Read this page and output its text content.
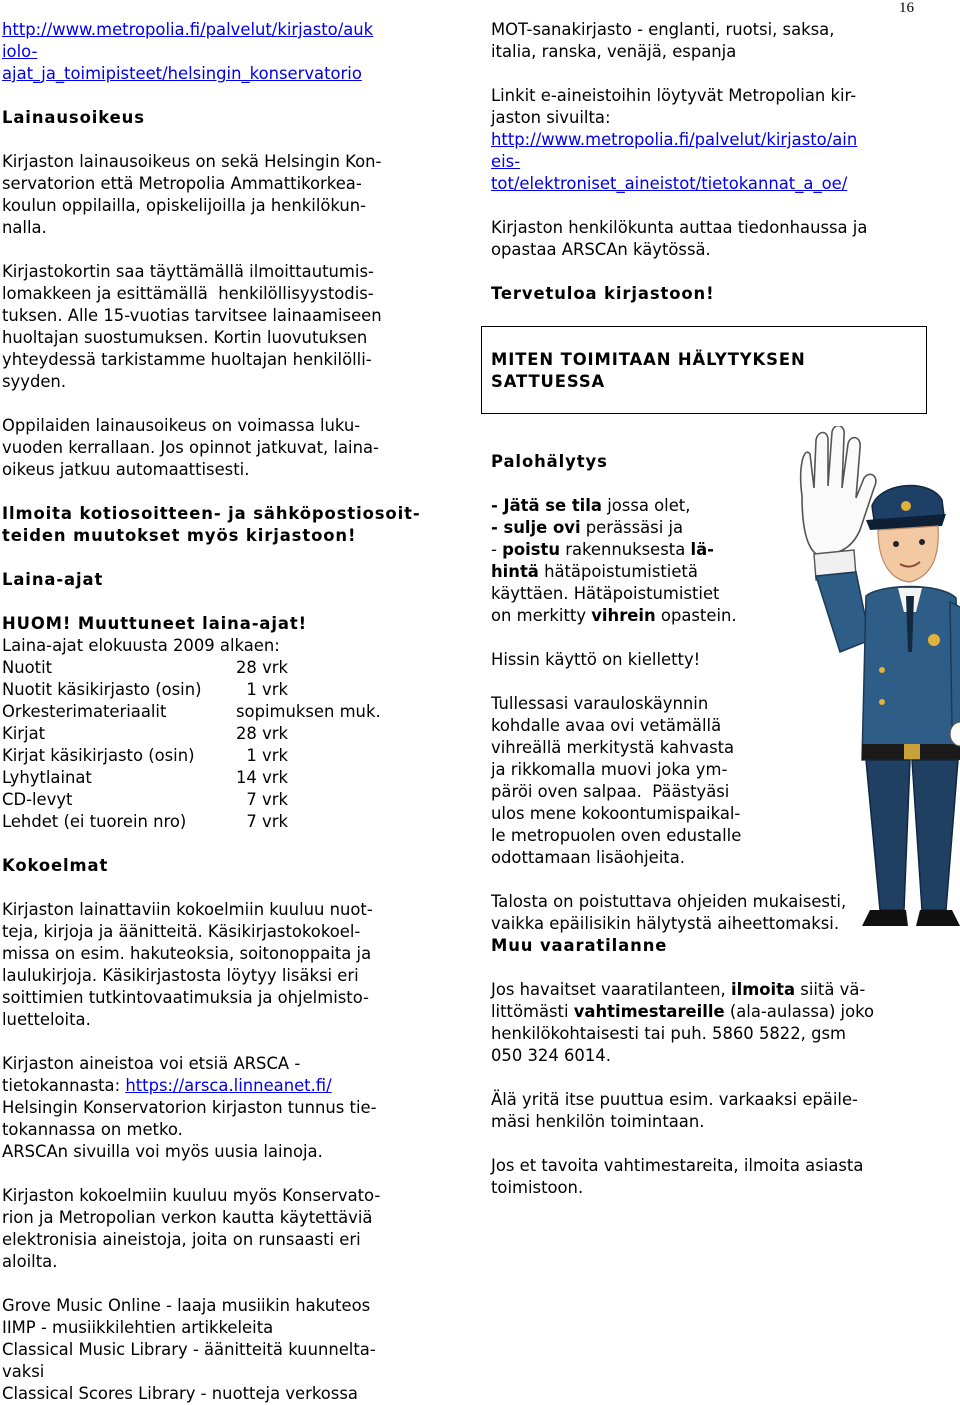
16

http://www.metropolia.fi/palvelut/kirjasto/auk

iolo-

ajat_ja_toimipisteet/helsingin_konservatorio

Lainausoikeus

Kirjaston lainausoikeus on sekä Helsingin Kon-

servatorion että Metropolia Ammattikorkea-

koulun oppilailla, opiskelijoilla ja henkilökun-

nalla.

Kirjastokortin saa täyttämällä ilmoittautumis-

lomakkeen ja esittämällä  henkilöllisyystodis-

tuksen. Alle 15-vuotias tarvitsee lainaamiseen

huoltajan suostumuksen. Kortin luovutuksen

yhteydessä tarkistamme huoltajan henkilölli-

syyden.

Oppilaiden lainausoikeus on voimassa luku-

vuoden kerrallaan. Jos opinnot jatkuvat, laina-

oikeus jatkuu automaattisesti.

Ilmoita kotiosoitteen- ja sähköpostiosoit-

teiden muutokset myös kirjastoon!

Laina-ajat

HUOM! Muuttuneet laina-ajat!

Laina-ajat elokuusta 2009 alkaen:

Nuotit	28 vrk
Nuotit käsikirjasto (osin)	1 vrk
Orkesterimateriaalit	sopimuksen muk.
Kirjat	28 vrk
Kirjat käsikirjasto (osin)	1 vrk
Lyhytlainat	14 vrk
CD-levyt	7 vrk
Lehdet (ei tuorein nro)	7 vrk

Kokoelmat

Kirjaston lainattaviin kokoelmiin kuuluu nuot-

teja, kirjoja ja äänitteitä. Käsikirjastokokoel-

missa on esim. hakuteoksia, soitonoppaita ja

laulukirjoja. Käsikirjastosta löytyy lisäksi eri

soittimien tutkintovaatimuksia ja ohjelmisto-

luetteloita.

Kirjaston aineistoa voi etsiä ARSCA -

tietokannasta: https://arsca.linneanet.fi/

Helsingin Konservatorion kirjaston tunnus tie-

tokannassa on metko.

ARSCAn sivuilla voi myös uusia lainoja.

Kirjaston kokoelmiin kuuluu myös Konservato-

rion ja Metropolian verkon kautta käytettäviä

elektronisia aineistoja, joita on runsaasti eri

aloilta.

Grove Music Online - laaja musiikin hakuteos

IIMP - musiikkilehtien artikkeleita

Classical Music Library - äänitteitä kuunnelta-

vaksi

Classical Scores Library - nuotteja verkossa

MOT-sanakirjasto - englanti, ruotsi, saksa,

italia, ranska, venäjä, espanja

Linkit e-aineistoihin löytyvät Metropolian kir-

jaston sivuilta:

http://www.metropolia.fi/palvelut/kirjasto/ain

eis-

tot/elektroniset_aineistot/tietokannat_a_oe/

Kirjaston henkilökunta auttaa tiedonhaussa ja

opastaa ARSCAn käytössä.

Tervetuloa kirjastoon!

MITEN TOIMITAAN HÄLYTYKSEN

SATTUESSA

Palohälytys

- Jätä se tila jossa olet,

- sulje ovi perässäsi ja

- poistu rakennuksesta lä-

hintä hätäpoistumistietä

käyttäen. Hätäpoistumistiet

on merkitty vihrein opastein.

Hissin käyttö on kielletty!

Tullessasi varauloskäynnin

kohdalle avaa ovi vetämällä

vihreällä merkitystä kahvasta

ja rikkomalla muovi joka ym-

päröi oven salpaa.  Päästyäsi

ulos mene kokoontumispaikal-

le metropuolen oven edustalle

odottamaan lisäohjeita.

Talosta on poistuttava ohjeiden mukaisesti,

vaikka epäilisikin hälytystä aiheettomaksi.

Muu vaaratilanne

Jos havaitset vaaratilanteen, ilmoita siitä vä-

littömästi vahtimestareille (ala-aulassa) joko

henkilökohtaisesti tai puh. 5860 5822, gsm

050 324 6014.

Älä yritä itse puuttua esim. varkaaksi epäile-

mäsi henkilön toimintaan.

Jos et tavoita vahtimestareita, ilmoita asiasta

toimistoon.
